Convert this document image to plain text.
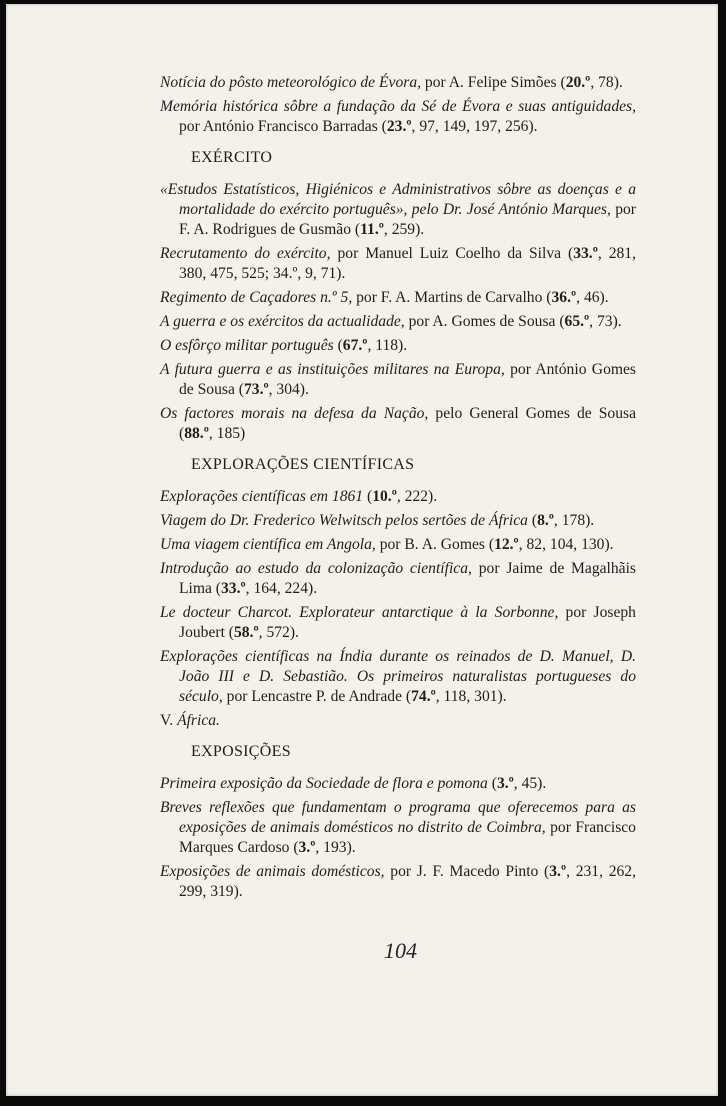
Notícia do pôsto meteorológico de Évora, por A. Felipe Simões (20.º, 78).
Memória histórica sôbre a fundação da Sé de Évora e suas antiguidades, por António Francisco Barradas (23.º, 97, 149, 197, 256).
EXÉRCITO
«Estudos Estatísticos, Higiénicos e Administrativos sôbre as doenças e a mortalidade do exército português», pelo Dr. José António Marques, por F. A. Rodrigues de Gusmão (11.º, 259).
Recrutamento do exército, por Manuel Luiz Coelho da Silva (33.º, 281, 380, 475, 525; 34.º, 9, 71).
Regimento de Caçadores n.º 5, por F. A. Martins de Carvalho (36.º, 46).
A guerra e os exércitos da actualidade, por A. Gomes de Sousa (65.º, 73).
O esfôrço militar português (67.º, 118).
A futura guerra e as instituições militares na Europa, por António Gomes de Sousa (73.º, 304).
Os factores morais na defesa da Nação, pelo General Gomes de Sousa (88.º, 185)
EXPLORAÇÕES CIENTÍFICAS
Explorações científicas em 1861 (10.º, 222).
Viagem do Dr. Frederico Welwitsch pelos sertões de África (8.º, 178).
Uma viagem científica em Angola, por B. A. Gomes (12.º, 82, 104, 130).
Introdução ao estudo da colonização científica, por Jaime de Magalhãis Lima (33.º, 164, 224).
Le docteur Charcot. Explorateur antarctique à la Sorbonne, por Joseph Joubert (58.º, 572).
Explorações científicas na Índia durante os reinados de D. Manuel, D. João III e D. Sebastião. Os primeiros naturalistas portugueses do século, por Lencastre P. de Andrade (74.º, 118, 301).
V. África.
EXPOSIÇÕES
Primeira exposição da Sociedade de flora e pomona (3.º, 45).
Breves reflexões que fundamentam o programa que oferecemos para as exposições de animais domésticos no distrito de Coimbra, por Francisco Marques Cardoso (3.º, 193).
Exposições de animais domésticos, por J. F. Macedo Pinto (3.º, 231, 262, 299, 319).
104
